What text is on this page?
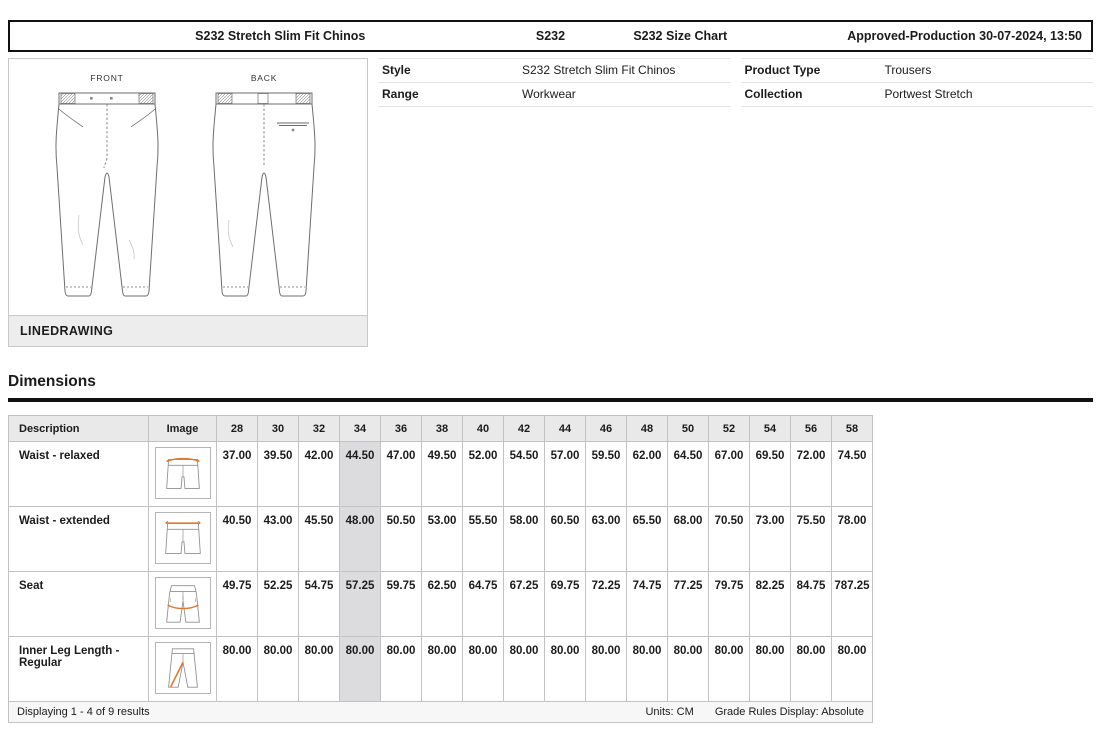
S232 Stretch Slim Fit Chinos	S232	S232 Size Chart	Approved-Production 30-07-2024, 13:50
FRONT	BACK
LINEDRAWING
Style	S232 Stretch Slim Fit Chinos
Range	Workwear
Product Type	Trousers
Collection	Portwest Stretch
Dimensions
Description	Image	28	30	32	34	36	38	40	42	44	46	48	50	52	54	56	58
Waist - relaxed		37.00	39.50	42.00	44.50	47.00	49.50	52.00	54.50	57.00	59.50	62.00	64.50	67.00	69.50	72.00	74.50
Waist - extended		40.50	43.00	45.50	48.00	50.50	53.00	55.50	58.00	60.50	63.00	65.50	68.00	70.50	73.00	75.50	78.00
Seat		49.75	52.25	54.75	57.25	59.75	62.50	64.75	67.25	69.75	72.25	74.75	77.25	79.75	82.25	84.75	787.25
Inner Leg Length - Regular		80.00	80.00	80.00	80.00	80.00	80.00	80.00	80.00	80.00	80.00	80.00	80.00	80.00	80.00	80.00	80.00

Displaying 1 - 4 of 9 results Units: CM Grade Rules Display: Absolute																	
